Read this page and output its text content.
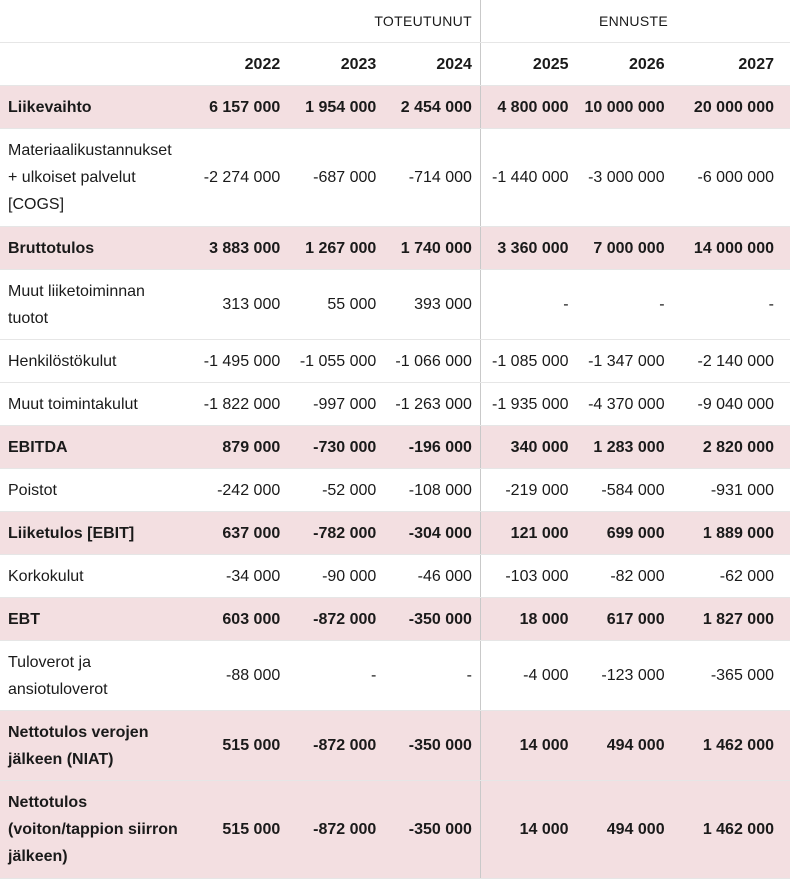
	TOTEUTUNUT			ENNUSTE		
	2022	2023	2024	2025	2026	2027
Liikevaihto	6 157 000	1 954 000	2 454 000	4 800 000	10 000 000	20 000 000
Materiaalikustannukset + ulkoiset palvelut [COGS]	-2 274 000	-687 000	-714 000	-1 440 000	-3 000 000	-6 000 000
Bruttotulos	3 883 000	1 267 000	1 740 000	3 360 000	7 000 000	14 000 000
Muut liiketoiminnan tuotot	313 000	55 000	393 000	-	-	-
Henkilöstökulut	-1 495 000	-1 055 000	-1 066 000	-1 085 000	-1 347 000	-2 140 000
Muut toimintakulut	-1 822 000	-997 000	-1 263 000	-1 935 000	-4 370 000	-9 040 000
EBITDA	879 000	-730 000	-196 000	340 000	1 283 000	2 820 000
Poistot	-242 000	-52 000	-108 000	-219 000	-584 000	-931 000
Liiketulos [EBIT]	637 000	-782 000	-304 000	121 000	699 000	1 889 000
Korkokulut	-34 000	-90 000	-46 000	-103 000	-82 000	-62 000
EBT	603 000	-872 000	-350 000	18 000	617 000	1 827 000
Tuloverot ja ansiotuloverot	-88 000	-	-	-4 000	-123 000	-365 000
Nettotulos verojen jälkeen (NIAT)	515 000	-872 000	-350 000	14 000	494 000	1 462 000
Nettotulos (voiton/tappion siirron jälkeen)	515 000	-872 000	-350 000	14 000	494 000	1 462 000
